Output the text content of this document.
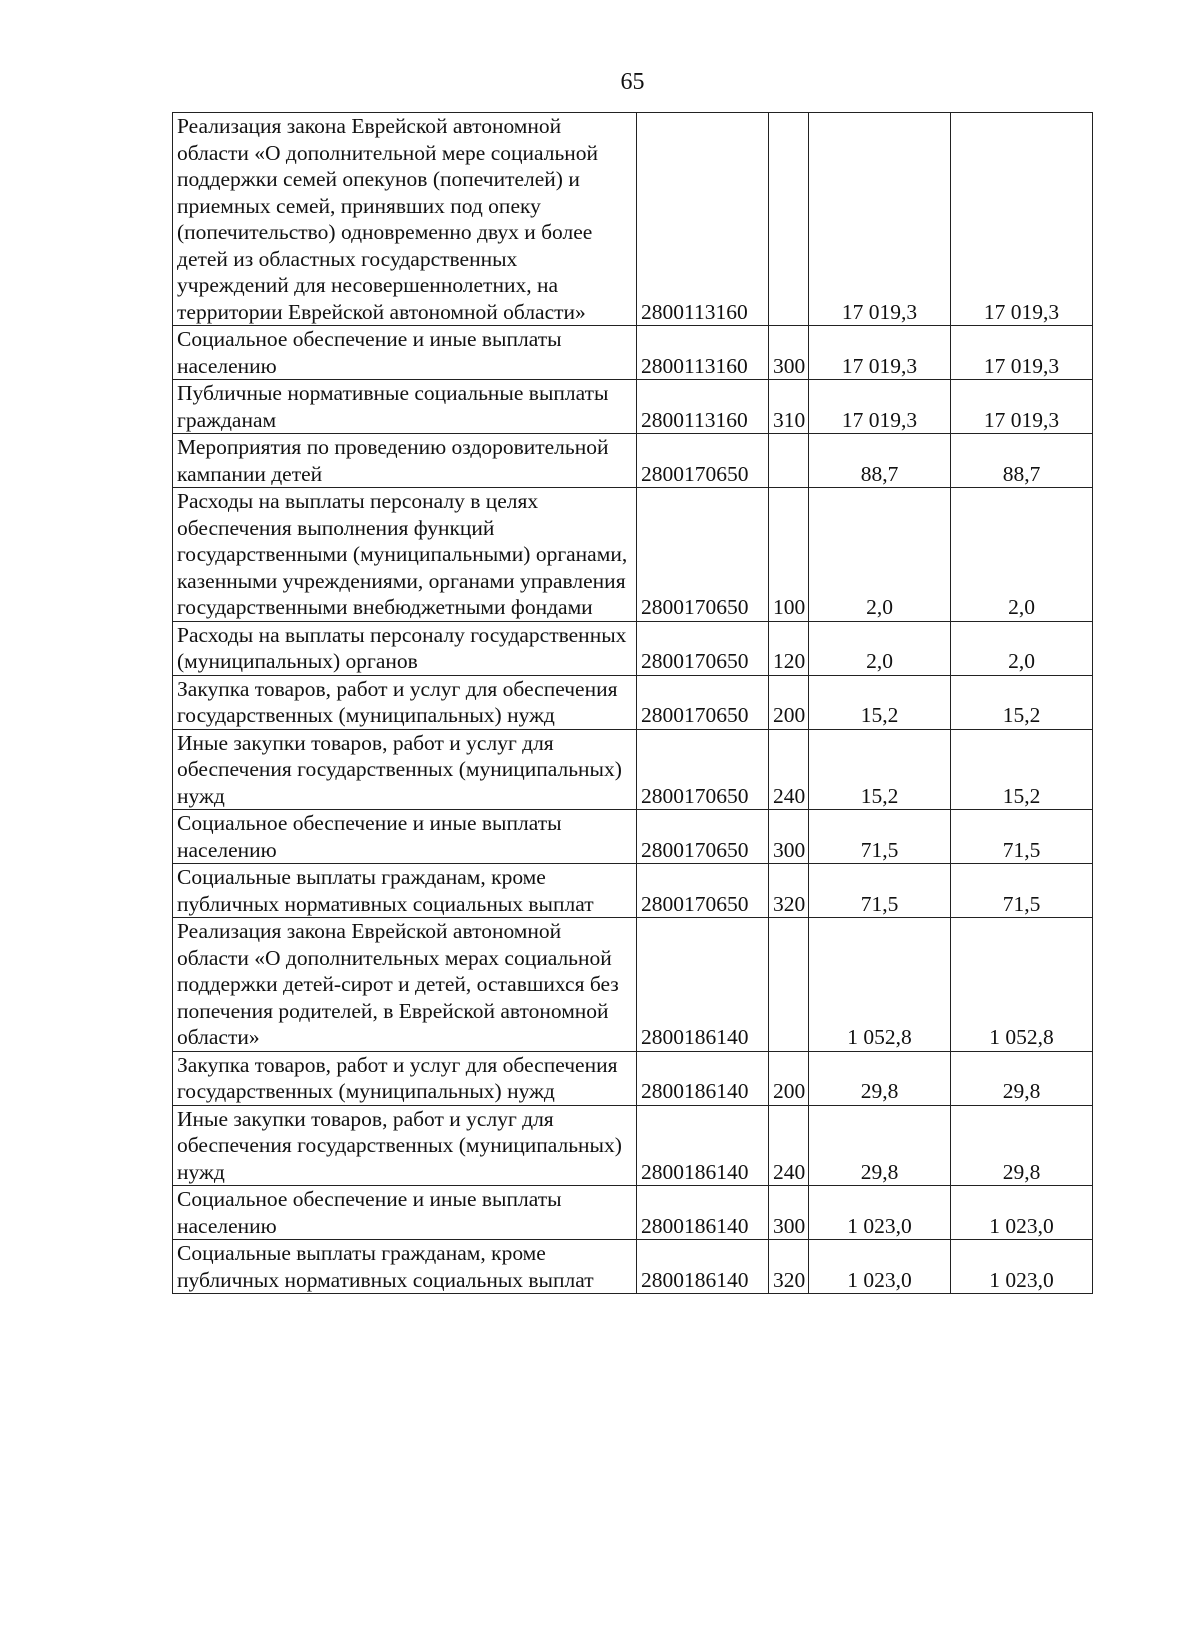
65
Реализация закона Еврейской автономной области «О дополнительной мере социальной поддержки семей опекунов (попечителей) и приемных семей, принявших под опеку (попечительство) одновременно двух и более детей из областных государственных учреждений для несовершеннолетних, на территории Еврейской автономной области»	2800113160		17 019,3	17 019,3
Социальное обеспечение и иные выплаты населению	2800113160	300	17 019,3	17 019,3
Публичные нормативные социальные выплаты гражданам	2800113160	310	17 019,3	17 019,3
Мероприятия по проведению оздоровительной кампании детей	2800170650		88,7	88,7
Расходы на выплаты персоналу в целях обеспечения выполнения функций государственными (муниципальными) органами, казенными учреждениями, органами управления государственными внебюджетными фондами	2800170650	100	2,0	2,0
Расходы на выплаты персоналу государственных (муниципальных) органов	2800170650	120	2,0	2,0
Закупка товаров, работ и услуг для обеспечения государственных (муниципальных) нужд	2800170650	200	15,2	15,2
Иные закупки товаров, работ и услуг для обеспечения государственных (муниципальных) нужд	2800170650	240	15,2	15,2
Социальное обеспечение и иные выплаты населению	2800170650	300	71,5	71,5
Социальные выплаты гражданам, кроме публичных нормативных социальных выплат	2800170650	320	71,5	71,5
Реализация закона Еврейской автономной области «О дополнительных мерах социальной поддержки детей-сирот и детей, оставшихся без попечения родителей, в Еврейской автономной области»	2800186140		1 052,8	1 052,8
Закупка товаров, работ и услуг для обеспечения государственных (муниципальных) нужд	2800186140	200	29,8	29,8
Иные закупки товаров, работ и услуг для обеспечения государственных (муниципальных) нужд	2800186140	240	29,8	29,8
Социальное обеспечение и иные выплаты населению	2800186140	300	1 023,0	1 023,0
Социальные выплаты гражданам, кроме публичных нормативных социальных выплат	2800186140	320	1 023,0	1 023,0
